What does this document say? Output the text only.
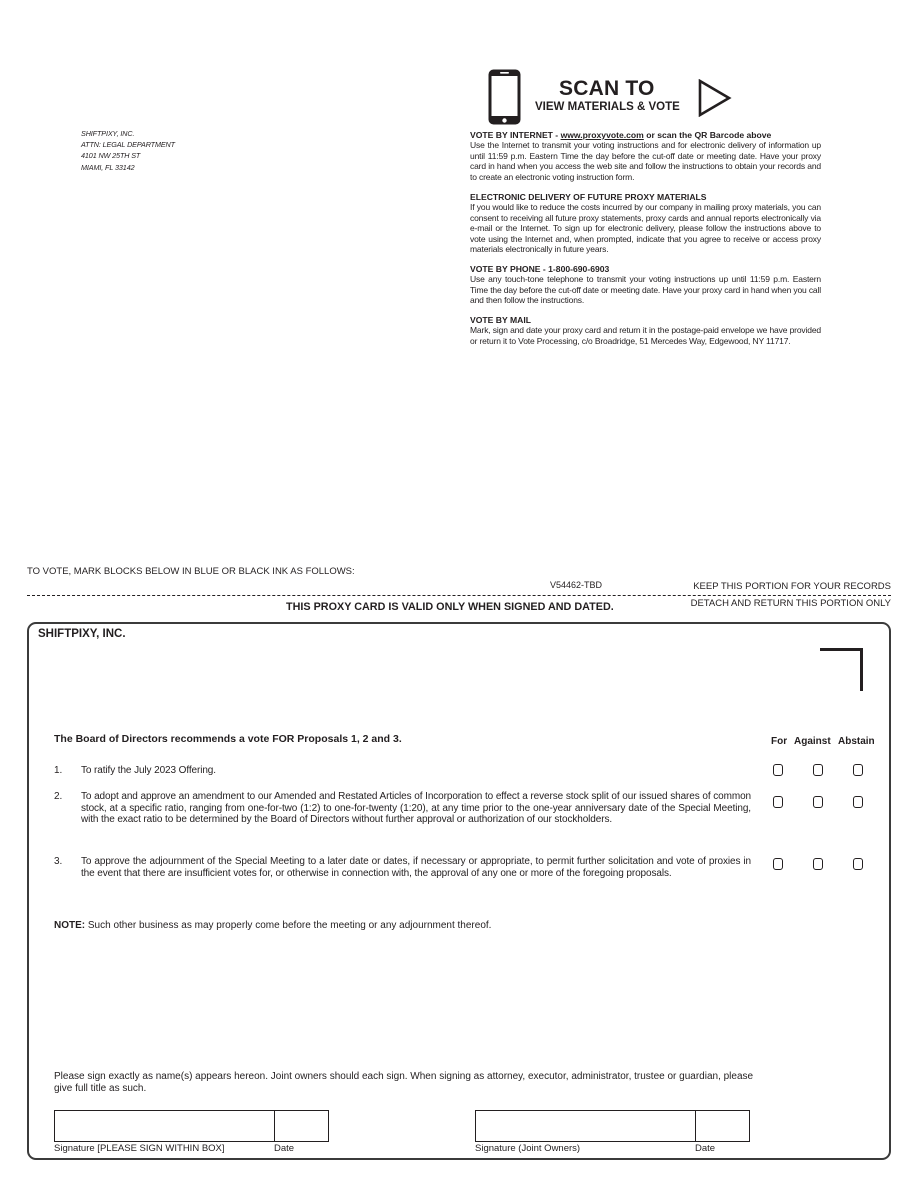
SHIFTPIXY, INC.
ATTN: LEGAL DEPARTMENT
4101 NW 25TH ST
MIAMI, FL 33142
SCAN TO
VIEW MATERIALS & VOTE
VOTE BY INTERNET - www.proxyvote.com or scan the QR Barcode above

Use the Internet to transmit your voting instructions and for electronic delivery of information up until 11:59 p.m. Eastern Time the day before the cut-off date or meeting date. Have your proxy card in hand when you access the web site and follow the instructions to obtain your records and to create an electronic voting instruction form.

ELECTRONIC DELIVERY OF FUTURE PROXY MATERIALS

If you would like to reduce the costs incurred by our company in mailing proxy materials, you can consent to receiving all future proxy statements, proxy cards and annual reports electronically via e-mail or the Internet. To sign up for electronic delivery, please follow the instructions above to vote using the Internet and, when prompted, indicate that you agree to receive or access proxy materials electronically in future years.

VOTE BY PHONE - 1-800-690-6903

Use any touch-tone telephone to transmit your voting instructions up until 11:59 p.m. Eastern Time the day before the cut-off date or meeting date. Have your proxy card in hand when you call and then follow the instructions.

VOTE BY MAIL

Mark, sign and date your proxy card and return it in the postage-paid envelope we have provided or return it to Vote Processing, c/o Broadridge, 51 Mercedes Way, Edgewood, NY 11717.

TO VOTE, MARK BLOCKS BELOW IN BLUE OR BLACK INK AS FOLLOWS:
V54462-TBD	KEEP THIS PORTION FOR YOUR RECORDS
DETACH AND RETURN THIS PORTION ONLY
THIS PROXY CARD IS VALID ONLY WHEN SIGNED AND DATED.
SHIFTPIXY, INC.
The Board of Directors recommends a vote FOR Proposals 1, 2 and 3.	For Against Abstain
1. To ratify the July 2023 Offering.
2. To adopt and approve an amendment to our Amended and Restated Articles of Incorporation to effect a reverse stock split of our issued shares of common stock, at a specific ratio, ranging from one-for-two (1:2) to one-for-twenty (1:20), at any time prior to the one-year anniversary date of the Special Meeting, with the exact ratio to be determined by the Board of Directors without further approval or authorization of our stockholders.
3. To approve the adjournment of the Special Meeting to a later date or dates, if necessary or appropriate, to permit further solicitation and vote of proxies in the event that there are insufficient votes for, or otherwise in connection with, the approval of any one or more of the foregoing proposals.
NOTE: Such other business as may properly come before the meeting or any adjournment thereof.
Please sign exactly as name(s) appears hereon. Joint owners should each sign. When signing as attorney, executor, administrator, trustee or guardian, please give full title as such.
Signature [PLEASE SIGN WITHIN BOX]	Date	Signature (Joint Owners)	Date
